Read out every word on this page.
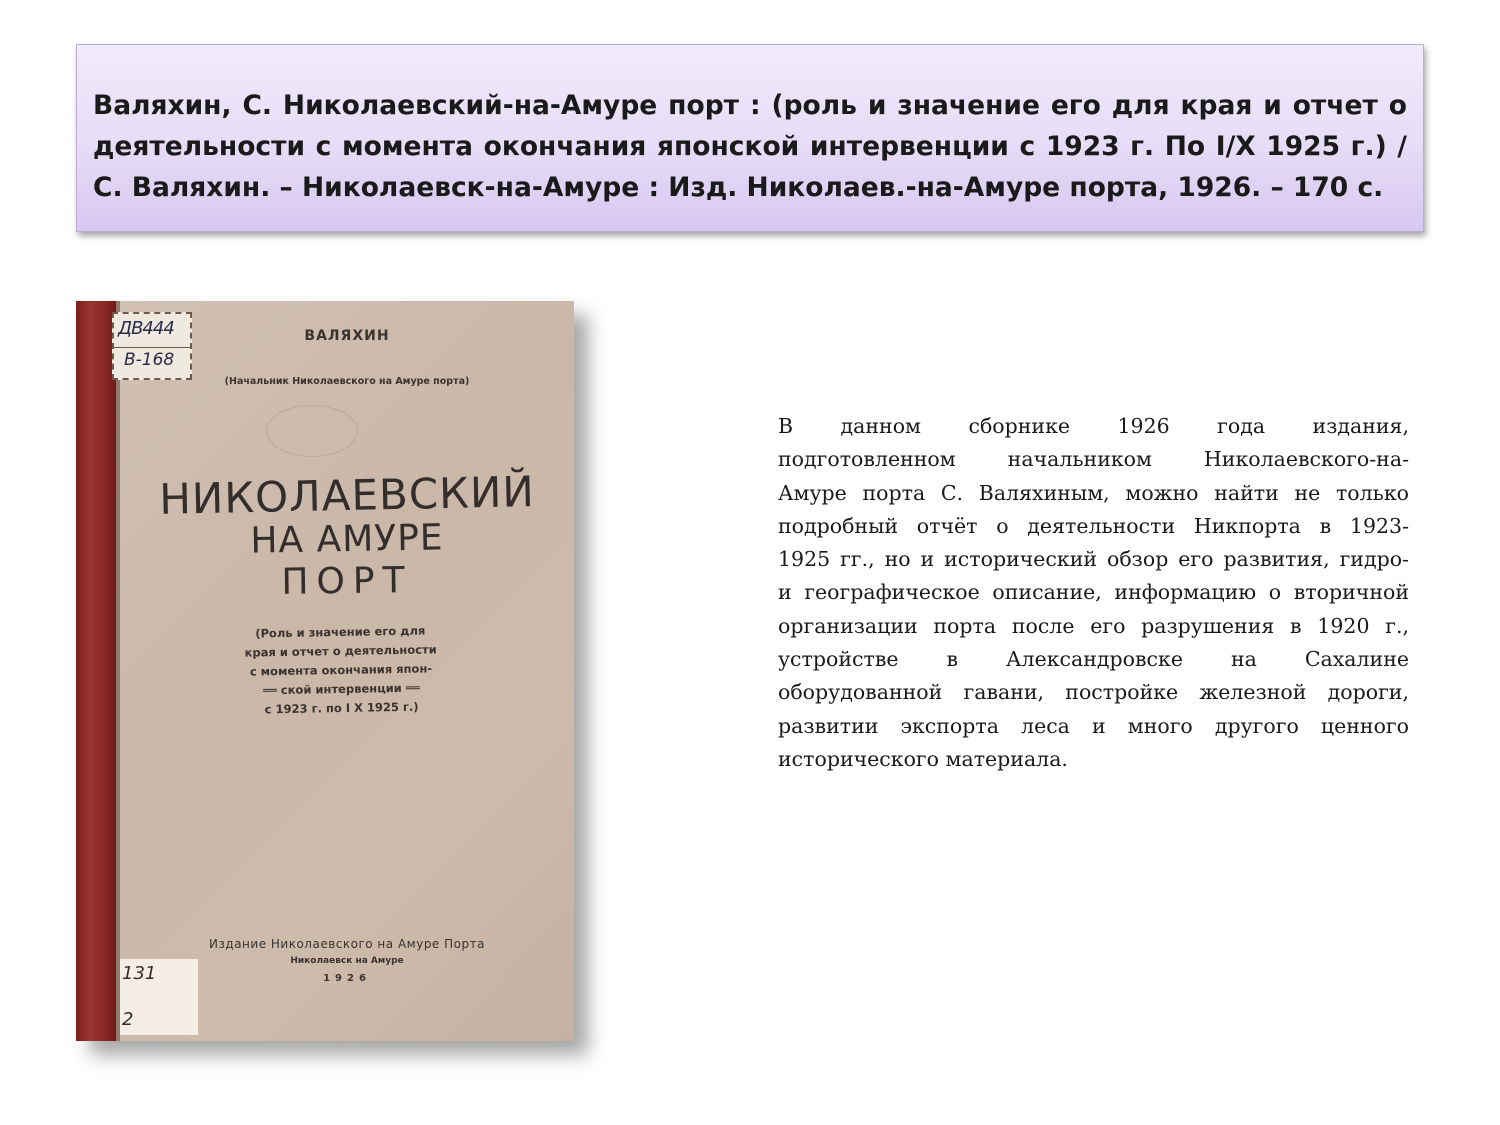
Валяхин, С. Николаевский-на-Амуре порт : (роль и значение его для края и отчет о деятельности с момента окончания японской интервенции с 1923 г. По I/X 1925 г.) / С. Валяхин. – Николаевск-на-Амуре : Изд. Николаев.-на-Амуре порта, 1926. – 170 с.

ДВ444
В-168
ВАЛЯХИН
(Начальник Николаевского на Амуре порта)
НИКОЛАЕВСКИЙ
НА АМУРЕ
ПОРТ
(Роль и значение его для
края и отчет о деятельности
с момента окончания япон-
══ ской интервенции ══
с 1923 г. по I X 1925 г.)
Издание Николаевского на Амуре Порта
Николаевск на Амуре
1926
131
2
В данном сборнике 1926 года издания,
подготовленном начальником Николаевского-на-
Амуре порта С. Валяхиным, можно найти не только
подробный отчёт о деятельности Никпорта в 1923-
1925 гг., но и исторический обзор его развития, гидро-
и географическое описание, информацию о вторичной
организации порта после его разрушения в 1920 г.,
устройстве в Александровске на Сахалине
оборудованной гавани, постройке железной дороги,
развитии экспорта леса и много другого ценного
исторического материала.
